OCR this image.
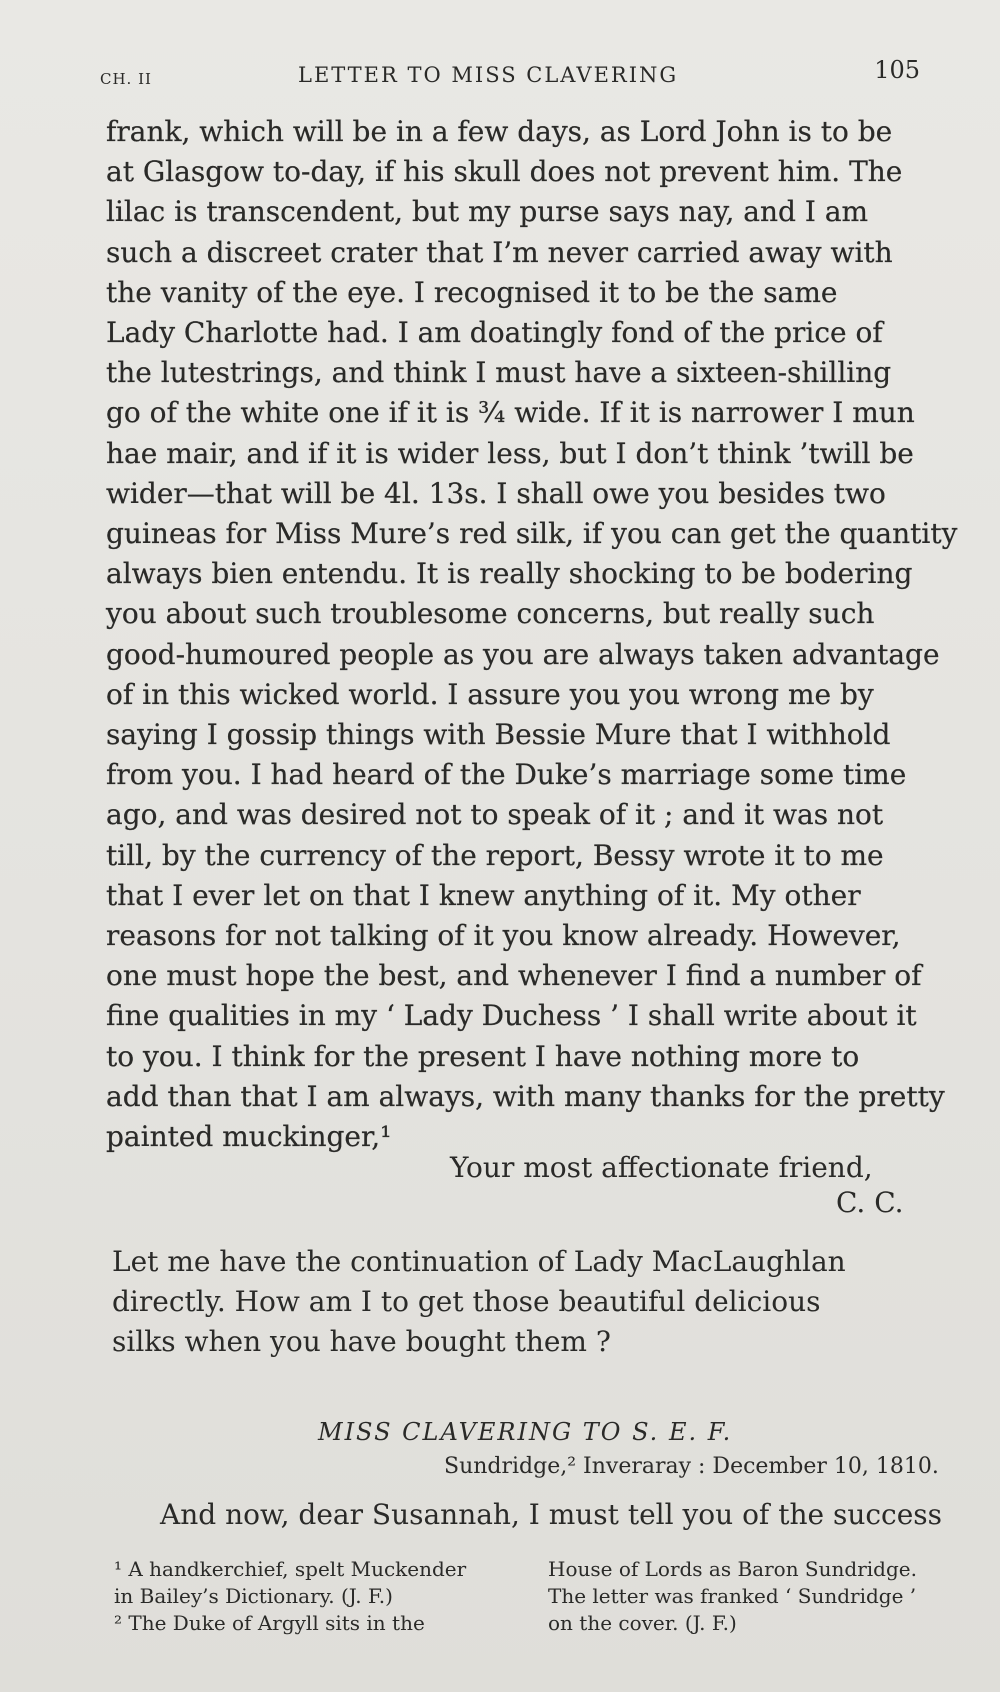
CH. II	LETTER TO MISS CLAVERING	105
frank, which will be in a few days, as Lord John is to be
at Glasgow to-day, if his skull does not prevent him. The
lilac is transcendent, but my purse says nay, and I am
such a discreet crater that I’m never carried away with
the vanity of the eye. I recognised it to be the same
Lady Charlotte had. I am doatingly fond of the price of
the lutestrings, and think I must have a sixteen-shilling
go of the white one if it is ¾ wide. If it is narrower I mun
hae mair, and if it is wider less, but I don’t think ’twill be
wider—that will be 4l. 13s. I shall owe you besides two
guineas for Miss Mure’s red silk, if you can get the quantity
always bien entendu. It is really shocking to be bodering
you about such troublesome concerns, but really such
good-humoured people as you are always taken advantage
of in this wicked world. I assure you you wrong me by
saying I gossip things with Bessie Mure that I withhold
from you. I had heard of the Duke’s marriage some time
ago, and was desired not to speak of it ; and it was not
till, by the currency of the report, Bessy wrote it to me
that I ever let on that I knew anything of it. My other
reasons for not talking of it you know already. However,
one must hope the best, and whenever I find a number of
fine qualities in my ‘ Lady Duchess ’ I shall write about it
to you. I think for the present I have nothing more to
add than that I am always, with many thanks for the pretty
painted muckinger,¹
Your most affectionate friend,
C. C.
Let me have the continuation of Lady MacLaughlan
directly. How am I to get those beautiful delicious
silks when you have bought them ?
MISS CLAVERING TO S. E. F.
Sundridge,² Inveraray : December 10, 1810.
And now, dear Susannah, I must tell you of the success
¹ A handkerchief, spelt Muckender
in Bailey’s Dictionary. (J. F.)
² The Duke of Argyll sits in the
House of Lords as Baron Sundridge.
The letter was franked ‘ Sundridge ’
on the cover. (J. F.)
